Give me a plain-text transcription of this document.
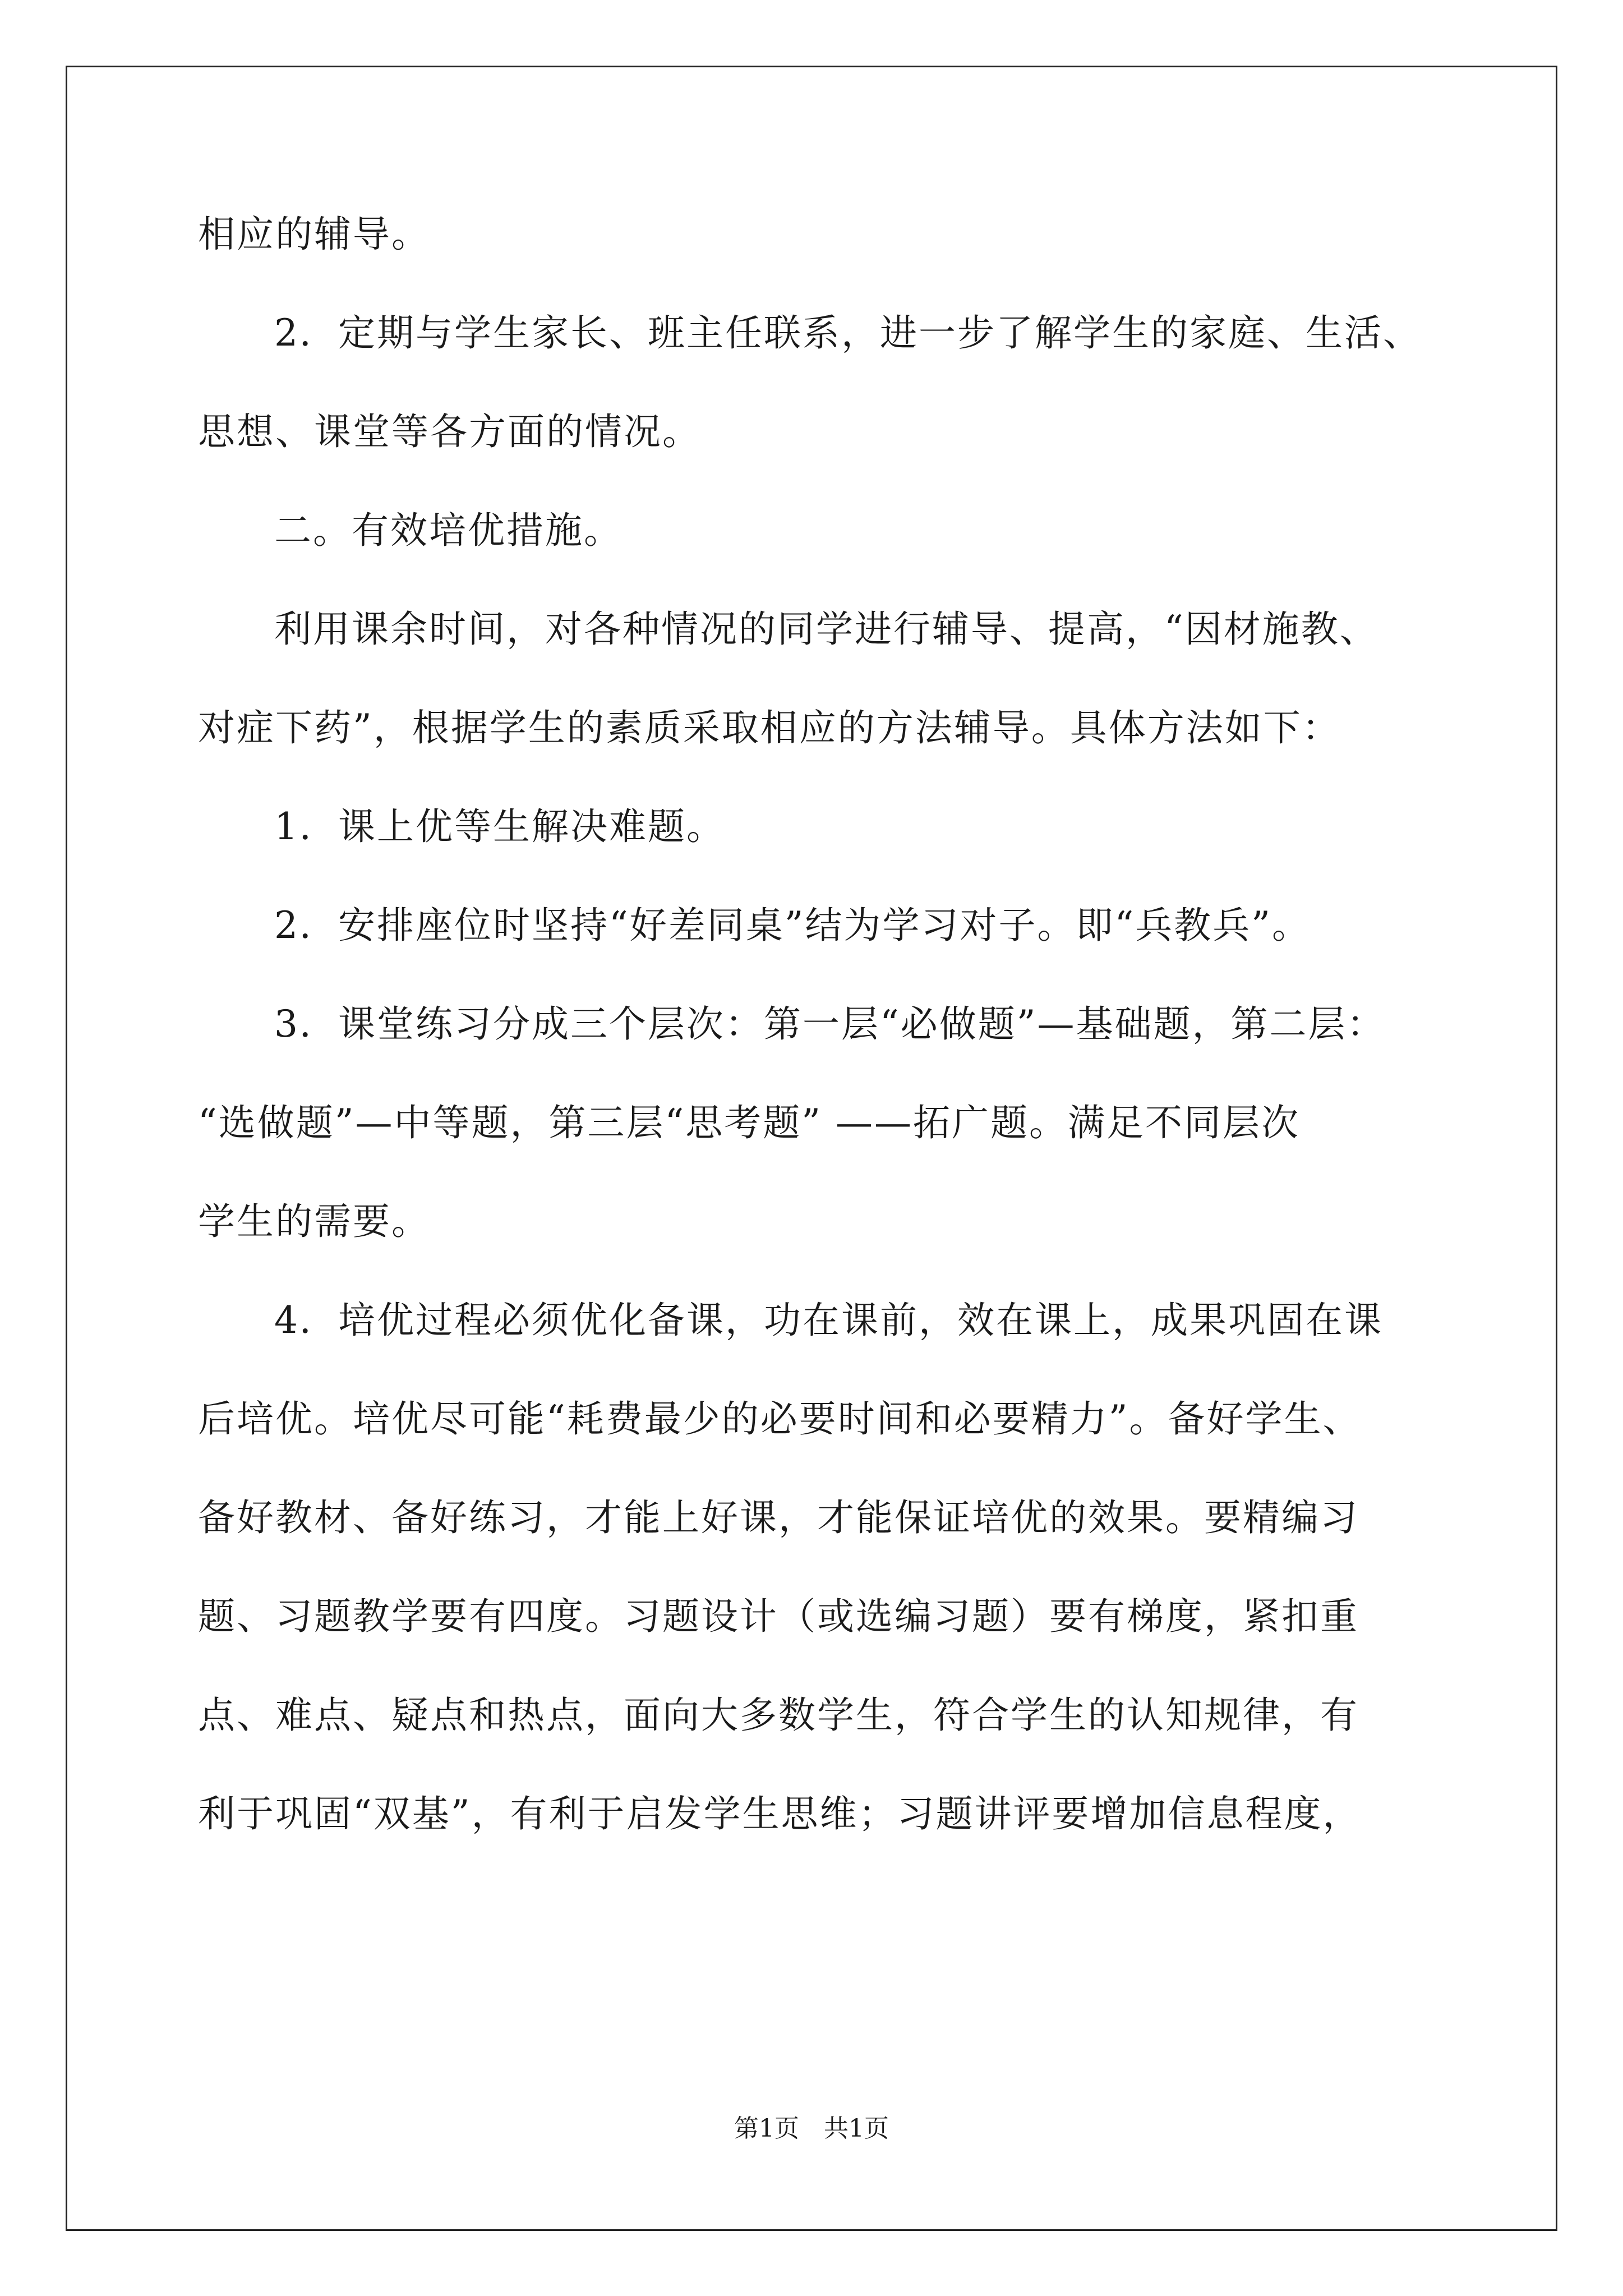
相应的辅导。
2．定期与学生家长、班主任联系，进一步了解学生的家庭、生活、
思想、课堂等各方面的情况。
二。有效培优措施。
利用课余时间，对各种情况的同学进行辅导、提高，“因材施教、
对症下药”，根据学生的素质采取相应的方法辅导。具体方法如下：
1．课上优等生解决难题。
2．安排座位时坚持“好差同桌”结为学习对子。即“兵教兵”。
3．课堂练习分成三个层次：第一层“必做题”—基础题，第二层：
“选做题”—中等题，第三层“思考题” ——拓广题。满足不同层次
学生的需要。
4．培优过程必须优化备课，功在课前，效在课上，成果巩固在课
后培优。培优尽可能“耗费最少的必要时间和必要精力”。备好学生、
备好教材、备好练习，才能上好课，才能保证培优的效果。要精编习
题、习题教学要有四度。习题设计（或选编习题）要有梯度，紧扣重
点、难点、疑点和热点，面向大多数学生，符合学生的认知规律，有
利于巩固“双基”，有利于启发学生思维；习题讲评要增加信息程度，
第1页　共1页
